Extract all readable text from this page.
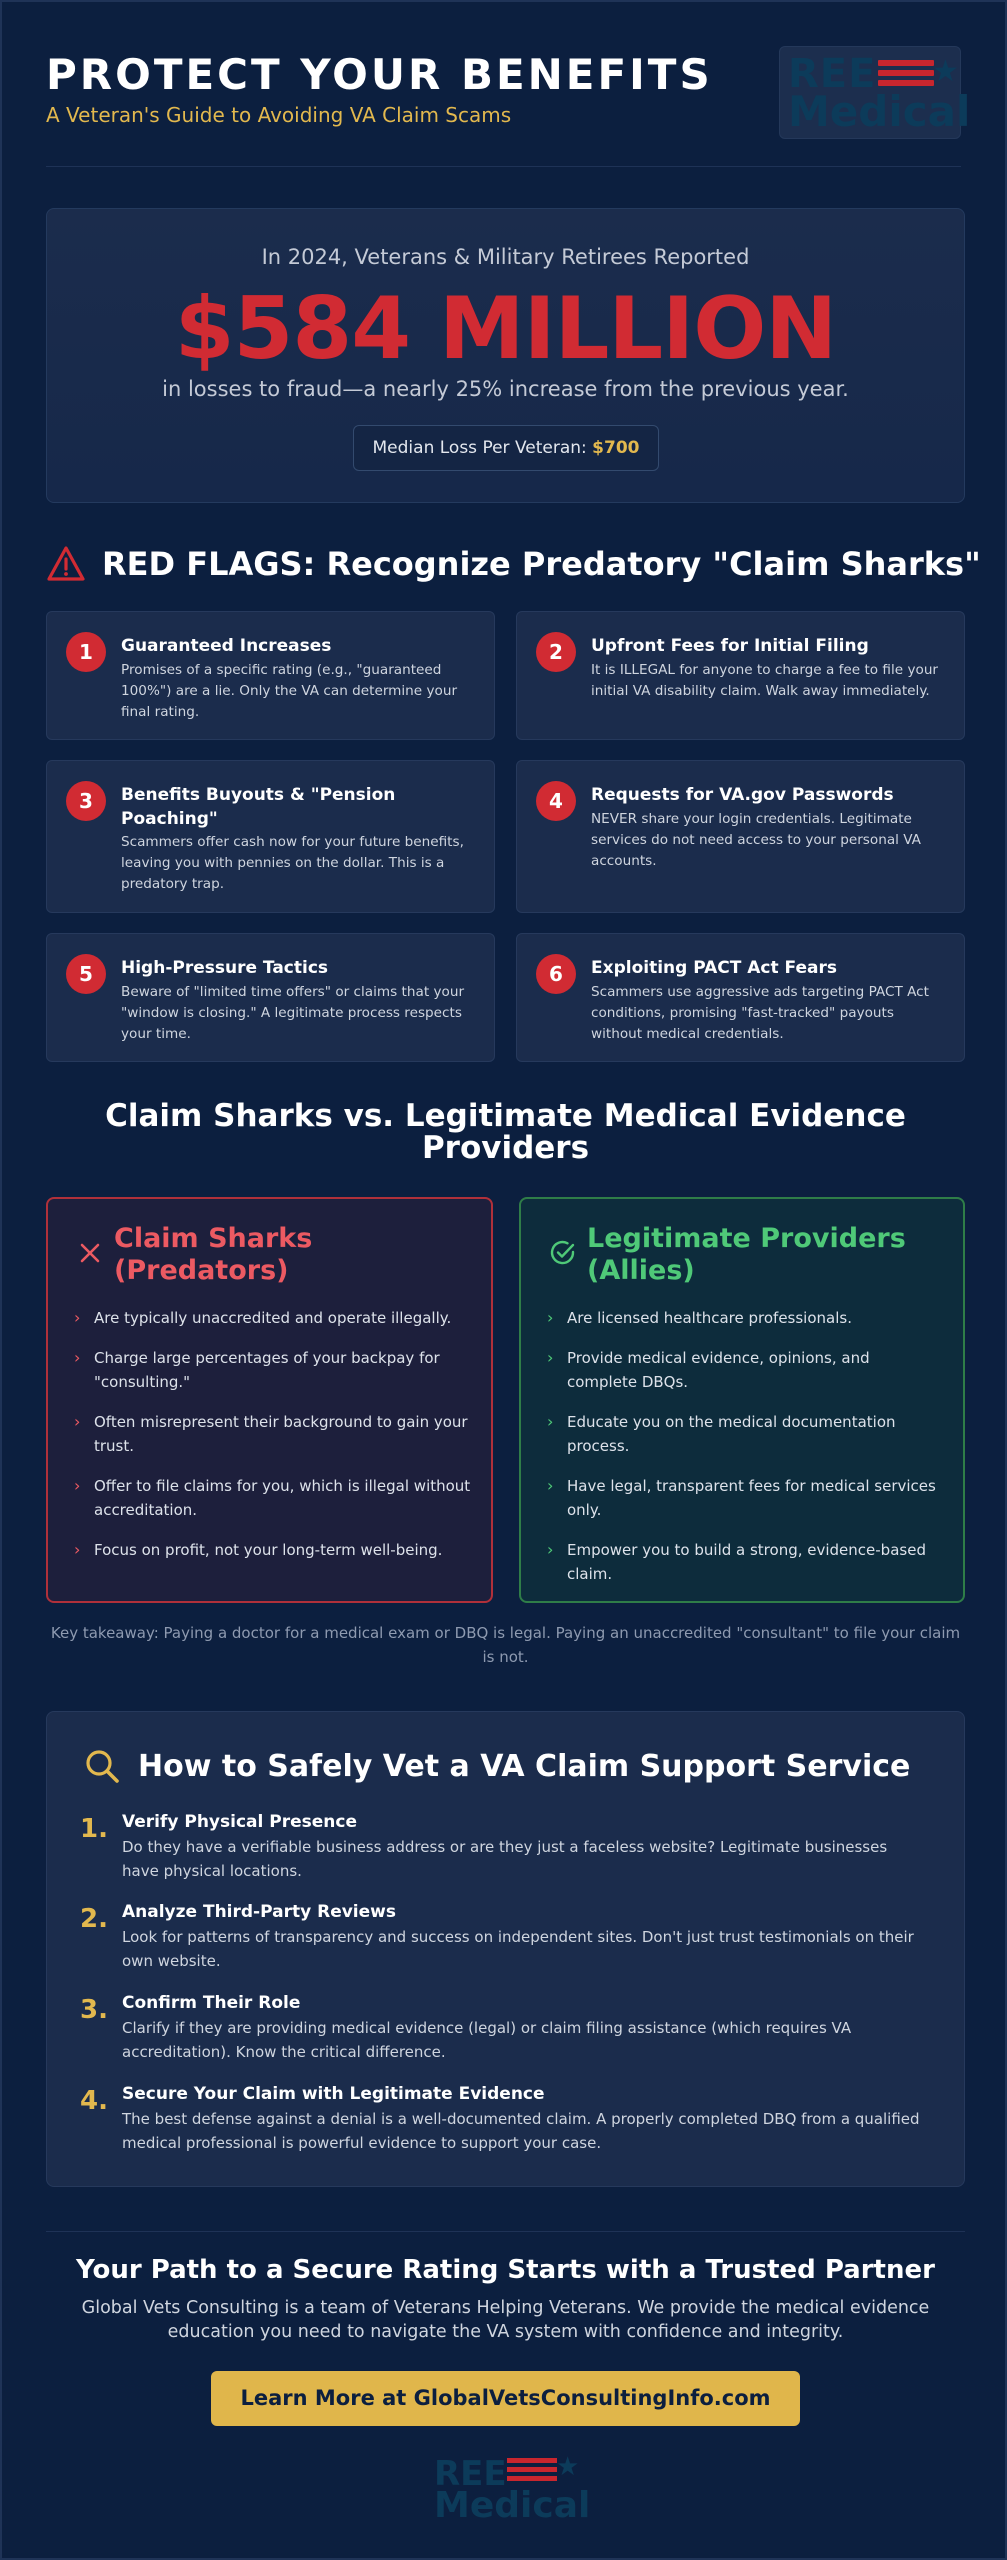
PROTECT YOUR BENEFITS
A Veteran's Guide to Avoiding VA Claim Scams
REE ★
Medical
In 2024, Veterans & Military Retirees Reported
$584 MILLION
in losses to fraud—a nearly 25% increase from the previous year.
Median Loss Per Veteran: $700
RED FLAGS: Recognize Predatory "Claim Sharks"
1	Guaranteed Increases
Promises of a specific rating (e.g., "guaranteed 100%") are a lie. Only the VA can determine your final rating.
2	Upfront Fees for Initial Filing
It is ILLEGAL for anyone to charge a fee to file your initial VA disability claim. Walk away immediately.
3	Benefits Buyouts & "Pension Poaching"
Scammers offer cash now for your future benefits, leaving you with pennies on the dollar. This is a predatory trap.
4	Requests for VA.gov Passwords
NEVER share your login credentials. Legitimate services do not need access to your personal VA accounts.
5	High-Pressure Tactics
Beware of "limited time offers" or claims that your "window is closing." A legitimate process respects your time.
6	Exploiting PACT Act Fears
Scammers use aggressive ads targeting PACT Act conditions, promising "fast-tracked" payouts without medical credentials.
Claim Sharks vs. Legitimate Medical Evidence Providers
Claim Sharks (Predators)
› Are typically unaccredited and operate illegally.
› Charge large percentages of your backpay for "consulting."
› Often misrepresent their background to gain your trust.
› Offer to file claims for you, which is illegal without accreditation.
› Focus on profit, not your long-term well-being.
Legitimate Providers (Allies)
› Are licensed healthcare professionals.
› Provide medical evidence, opinions, and complete DBQs.
› Educate you on the medical documentation process.
› Have legal, transparent fees for medical services only.
› Empower you to build a strong, evidence-based claim.
Key takeaway: Paying a doctor for a medical exam or DBQ is legal. Paying an unaccredited "consultant" to file your claim is not.
How to Safely Vet a VA Claim Support Service
1. Verify Physical Presence
Do they have a verifiable business address or are they just a faceless website? Legitimate businesses have physical locations.
2. Analyze Third-Party Reviews
Look for patterns of transparency and success on independent sites. Don't just trust testimonials on their own website.
3. Confirm Their Role
Clarify if they are providing medical evidence (legal) or claim filing assistance (which requires VA accreditation). Know the critical difference.
4. Secure Your Claim with Legitimate Evidence
The best defense against a denial is a well-documented claim. A properly completed DBQ from a qualified medical professional is powerful evidence to support your case.
Your Path to a Secure Rating Starts with a Trusted Partner
Global Vets Consulting is a team of Veterans Helping Veterans. We provide the medical evidence education you need to navigate the VA system with confidence and integrity.
Learn More at GlobalVetsConsultingInfo.com
REE ★
Medical
